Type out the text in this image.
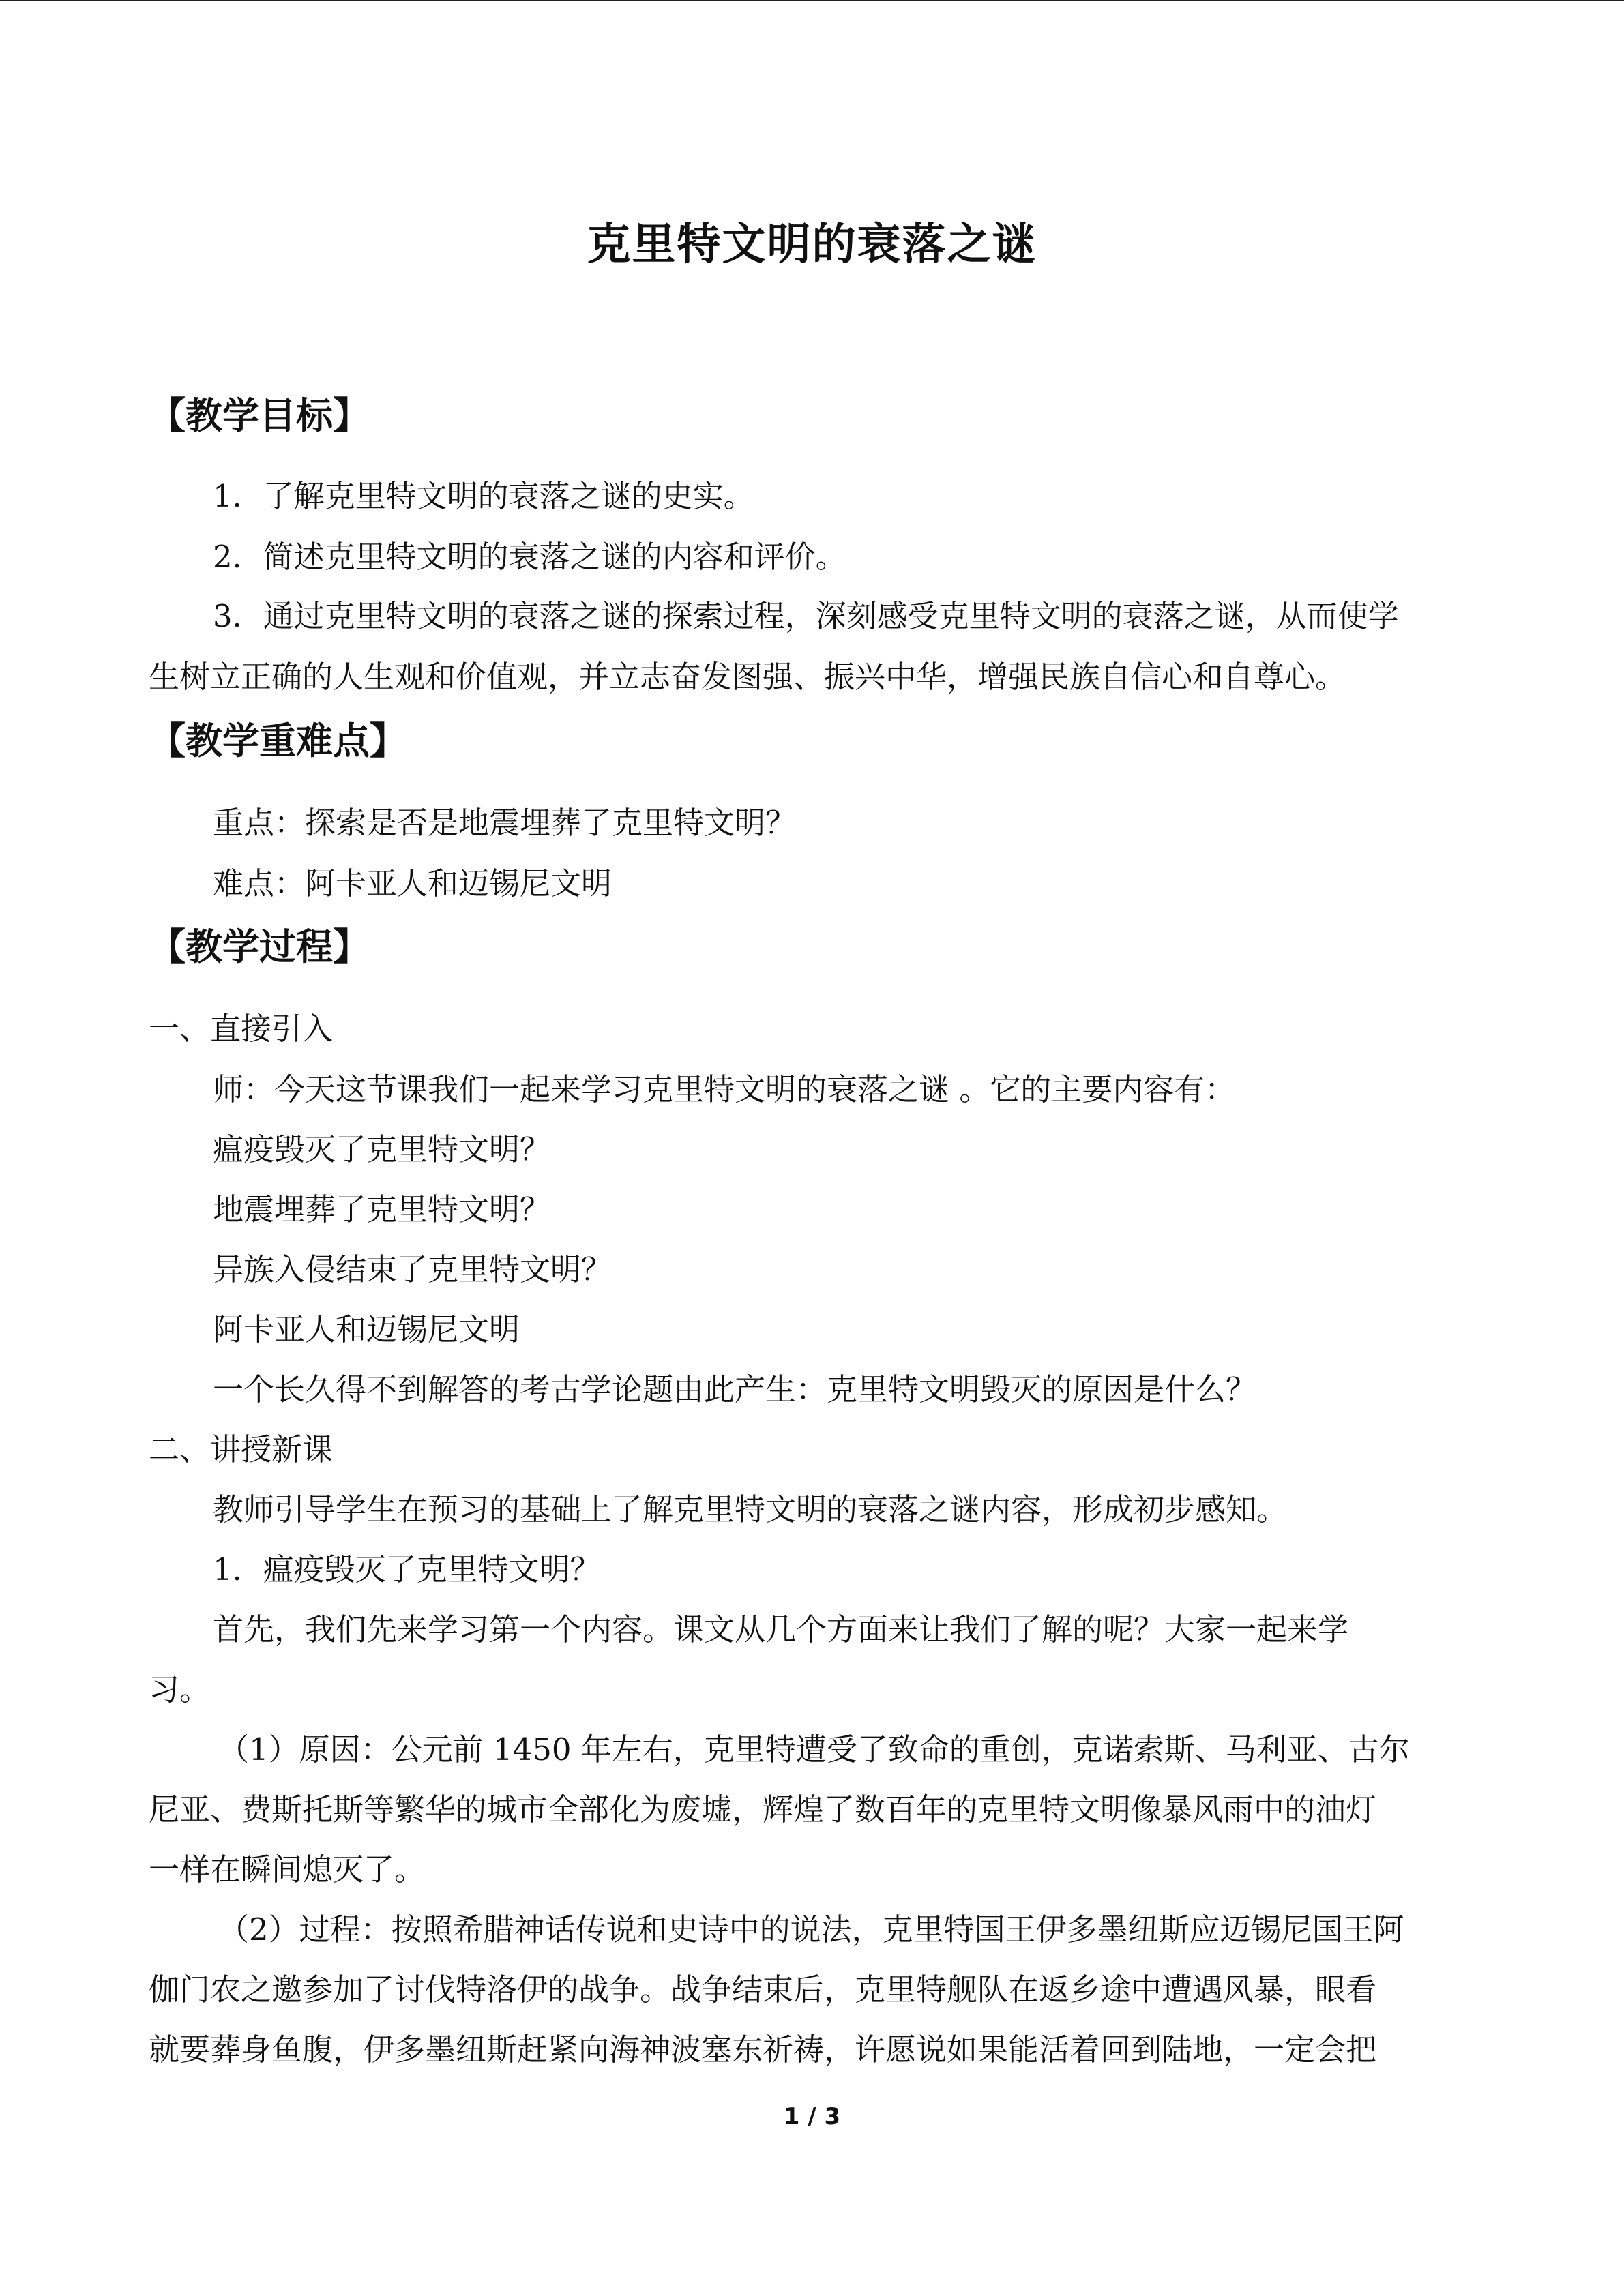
克里特文明的衰落之谜
【教学目标】
1．了解克里特文明的衰落之谜的史实。
2．简述克里特文明的衰落之谜的内容和评价。
3．通过克里特文明的衰落之谜的探索过程，深刻感受克里特文明的衰落之谜，从而使学
生树立正确的人生观和价值观，并立志奋发图强、振兴中华，增强民族自信心和自尊心。
【教学重难点】
重点：探索是否是地震埋葬了克里特文明？
难点：阿卡亚人和迈锡尼文明
【教学过程】
一、直接引入
师：今天这节课我们一起来学习克里特文明的衰落之谜 。它的主要内容有：
瘟疫毁灭了克里特文明？
地震埋葬了克里特文明？
异族入侵结束了克里特文明？
阿卡亚人和迈锡尼文明
一个长久得不到解答的考古学论题由此产生：克里特文明毁灭的原因是什么？
二、讲授新课
教师引导学生在预习的基础上了解克里特文明的衰落之谜内容，形成初步感知。
1．瘟疫毁灭了克里特文明？
首先，我们先来学习第一个内容。课文从几个方面来让我们了解的呢？大家一起来学
习。
（1）原因：公元前 1450 年左右，克里特遭受了致命的重创，克诺索斯、马利亚、古尔
尼亚、费斯托斯等繁华的城市全部化为废墟，辉煌了数百年的克里特文明像暴风雨中的油灯
一样在瞬间熄灭了。
（2）过程：按照希腊神话传说和史诗中的说法，克里特国王伊多墨纽斯应迈锡尼国王阿
伽门农之邀参加了讨伐特洛伊的战争。战争结束后，克里特舰队在返乡途中遭遇风暴，眼看
就要葬身鱼腹，伊多墨纽斯赶紧向海神波塞东祈祷，许愿说如果能活着回到陆地，一定会把
1 / 3
